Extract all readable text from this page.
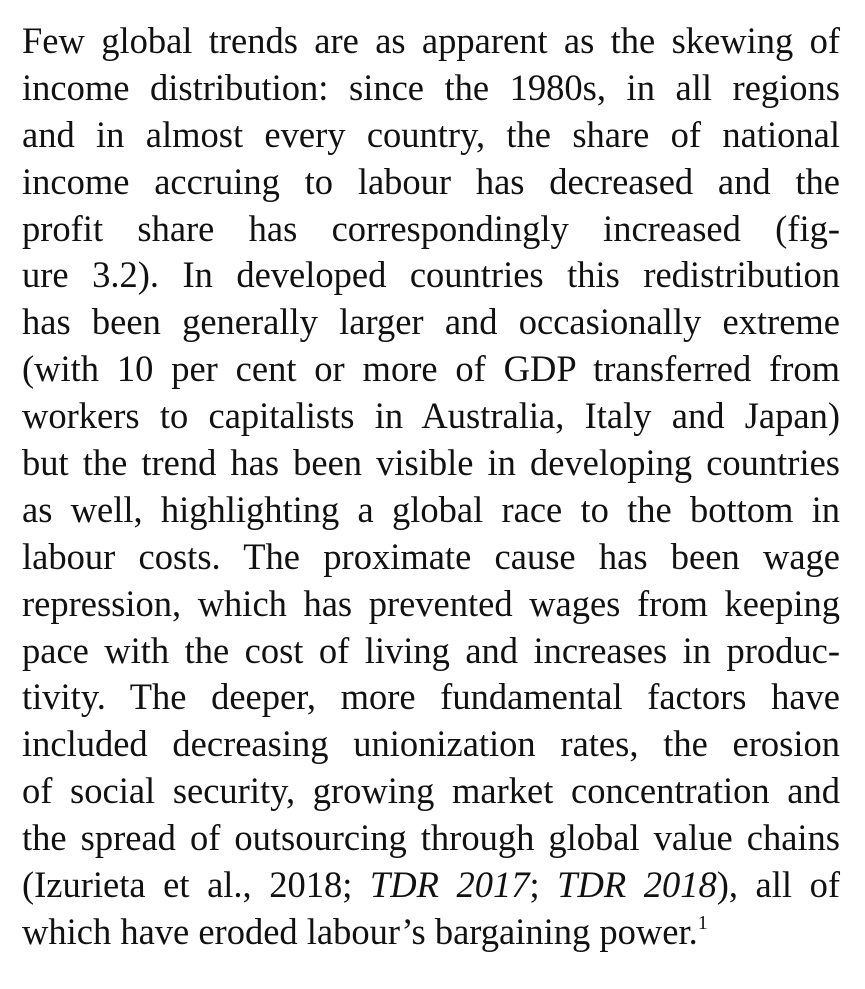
Few global trends are as apparent as the skewing of
income distribution: since the 1980s, in all regions
and in almost every country, the share of national
income accruing to labour has decreased and the
profit share has correspondingly increased (fig-
ure 3.2). In developed countries this redistribution
has been generally larger and occasionally extreme
(with 10 per cent or more of GDP transferred from
workers to capitalists in Australia, Italy and Japan)
but the trend has been visible in developing countries
as well, highlighting a global race to the bottom in
labour costs. The proximate cause has been wage
repression, which has prevented wages from keeping
pace with the cost of living and increases in produc-
tivity. The deeper, more fundamental factors have
included decreasing unionization rates, the erosion
of social security, growing market concentration and
the spread of outsourcing through global value chains
(Izurieta et al., 2018; TDR 2017; TDR 2018), all of
which have eroded labour’s bargaining power.$^1$
